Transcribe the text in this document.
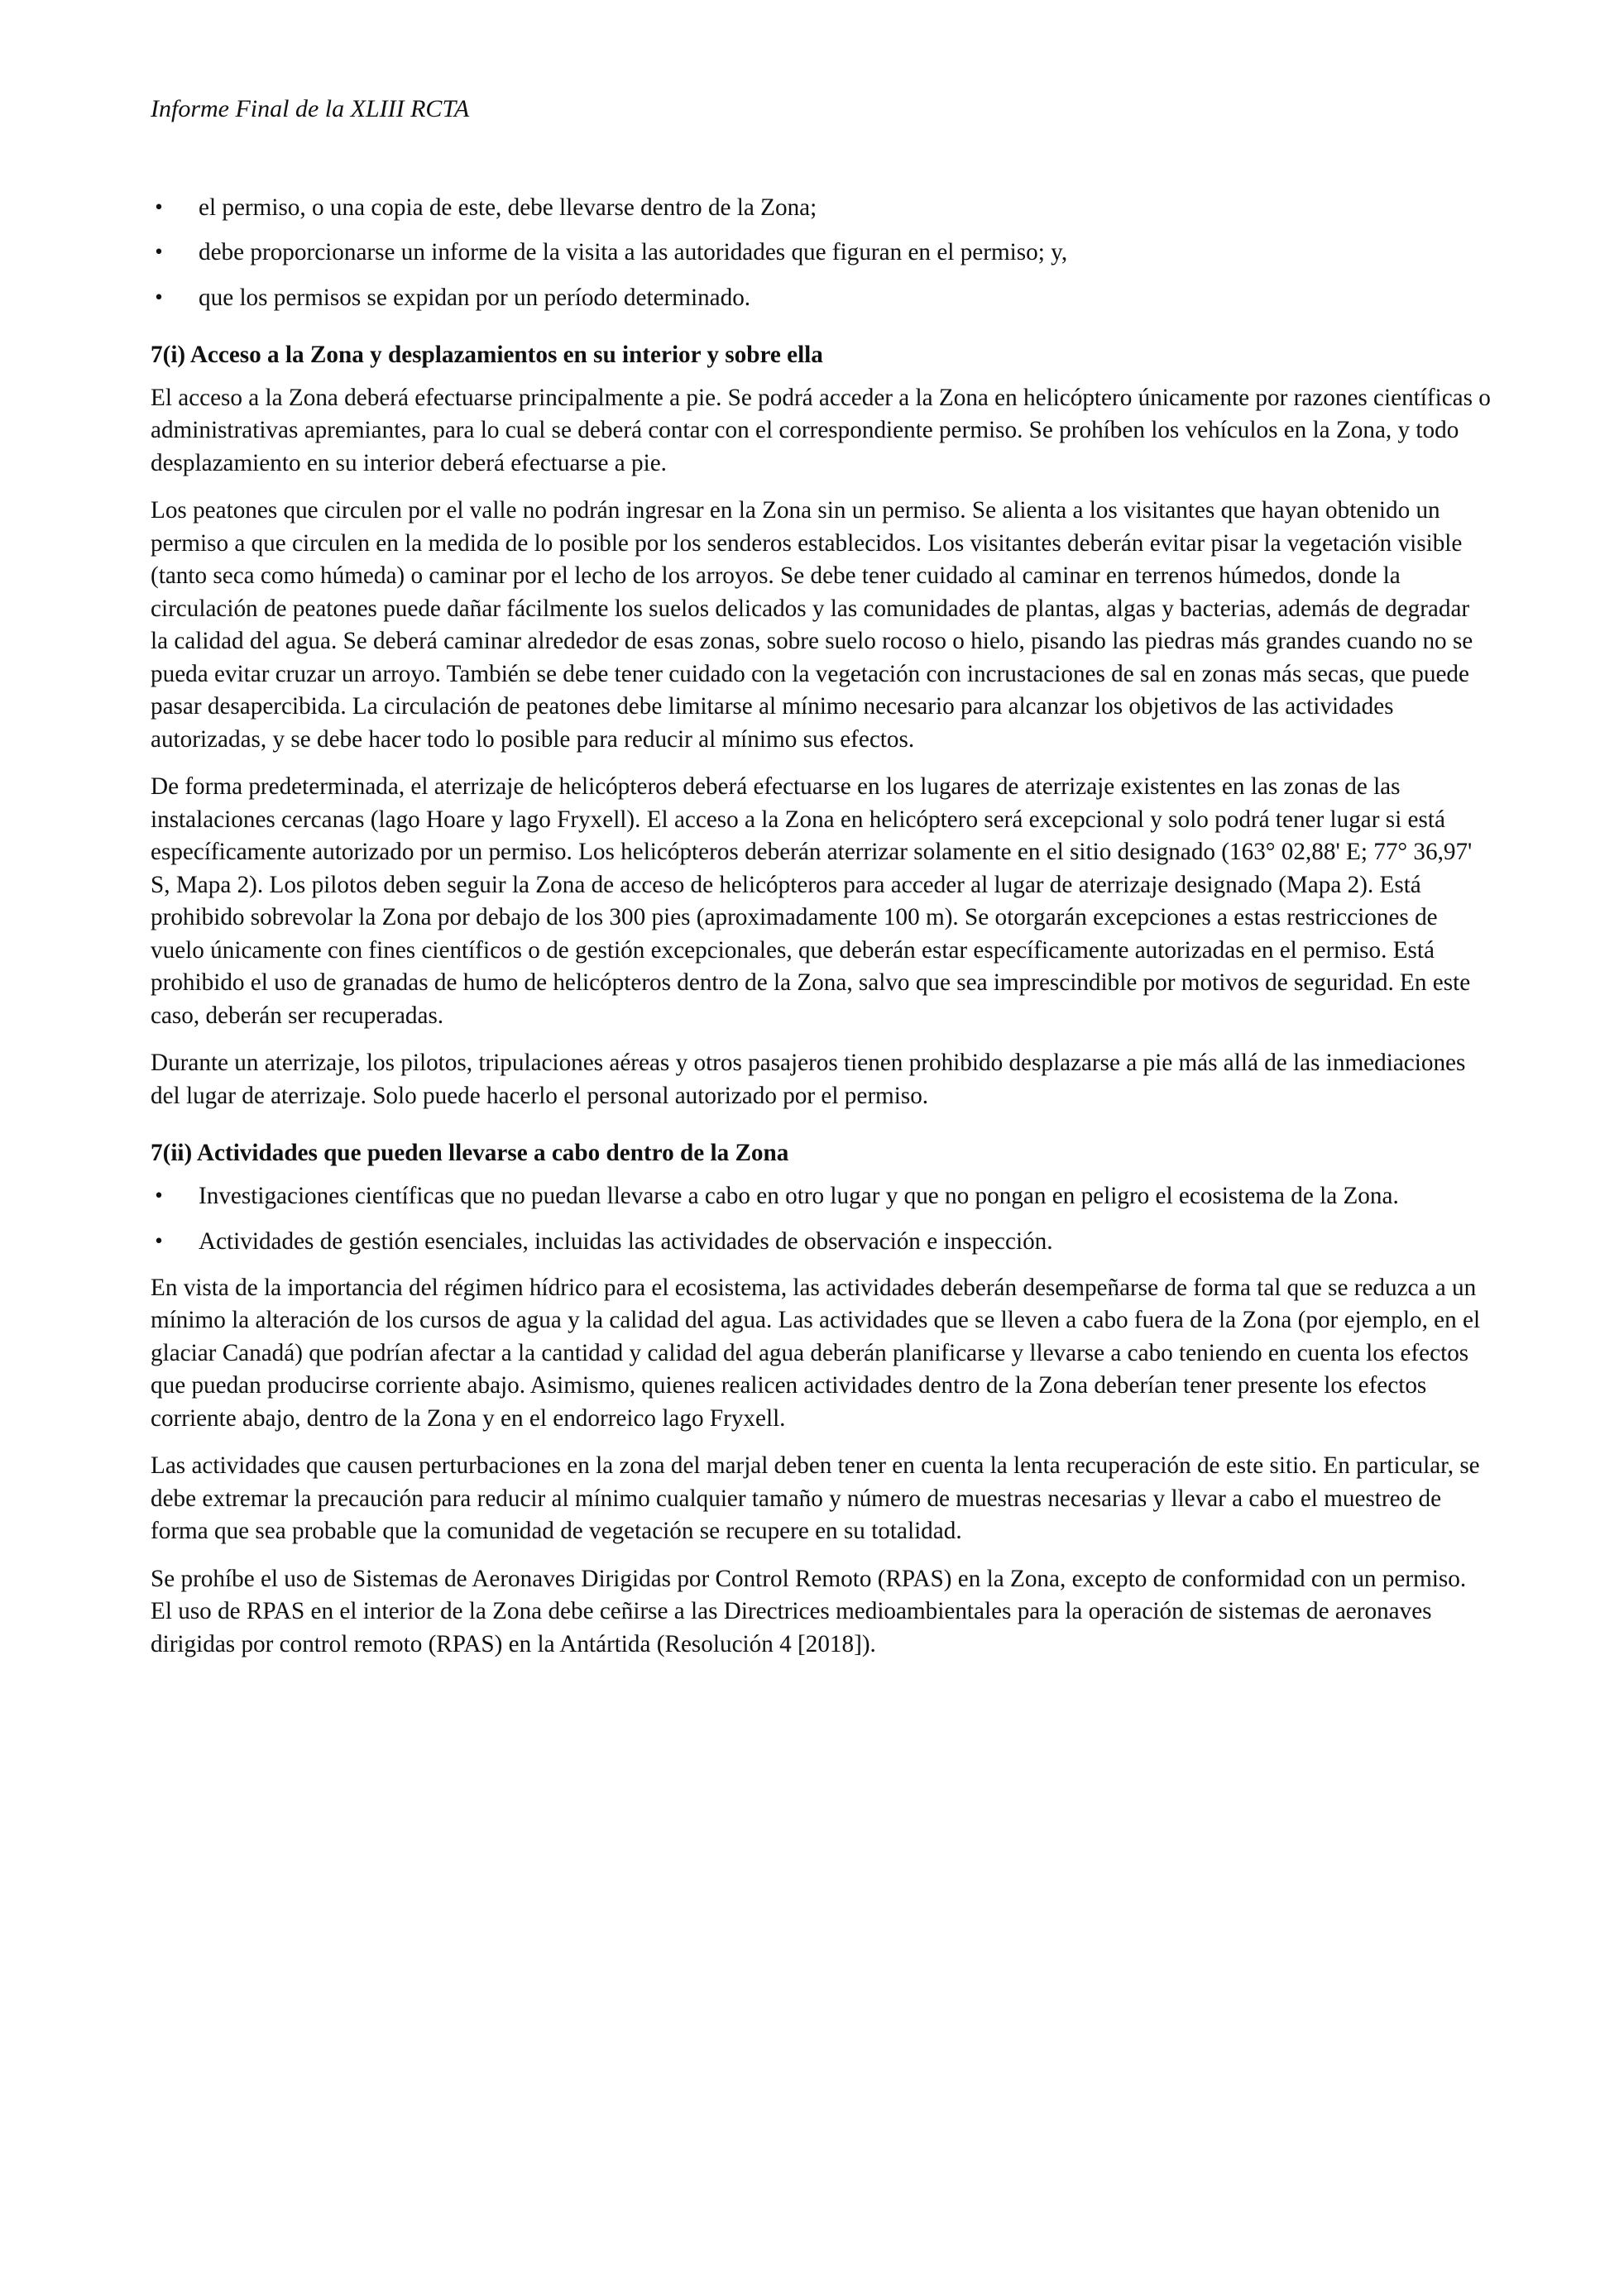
Informe Final de la XLIII RCTA
• el permiso, o una copia de este, debe llevarse dentro de la Zona;
• debe proporcionarse un informe de la visita a las autoridades que figuran en el permiso; y,
• que los permisos se expidan por un período determinado.
7(i) Acceso a la Zona y desplazamientos en su interior y sobre ella

El acceso a la Zona deberá efectuarse principalmente a pie. Se podrá acceder a la Zona en helicóptero únicamente por razones científicas o administrativas apremiantes, para lo cual se deberá contar con el correspondiente permiso. Se prohíben los vehículos en la Zona, y todo desplazamiento en su interior deberá efectuarse a pie.

Los peatones que circulen por el valle no podrán ingresar en la Zona sin un permiso. Se alienta a los visitantes que hayan obtenido un permiso a que circulen en la medida de lo posible por los senderos establecidos. Los visitantes deberán evitar pisar la vegetación visible (tanto seca como húmeda) o caminar por el lecho de los arroyos. Se debe tener cuidado al caminar en terrenos húmedos, donde la circulación de peatones puede dañar fácilmente los suelos delicados y las comunidades de plantas, algas y bacterias, además de degradar la calidad del agua. Se deberá caminar alrededor de esas zonas, sobre suelo rocoso o hielo, pisando las piedras más grandes cuando no se pueda evitar cruzar un arroyo. También se debe tener cuidado con la vegetación con incrustaciones de sal en zonas más secas, que puede pasar desapercibida. La circulación de peatones debe limitarse al mínimo necesario para alcanzar los objetivos de las actividades autorizadas, y se debe hacer todo lo posible para reducir al mínimo sus efectos.

De forma predeterminada, el aterrizaje de helicópteros deberá efectuarse en los lugares de aterrizaje existentes en las zonas de las instalaciones cercanas (lago Hoare y lago Fryxell). El acceso a la Zona en helicóptero será excepcional y solo podrá tener lugar si está específicamente autorizado por un permiso. Los helicópteros deberán aterrizar solamente en el sitio designado (163° 02,88' E; 77° 36,97' S, Mapa 2). Los pilotos deben seguir la Zona de acceso de helicópteros para acceder al lugar de aterrizaje designado (Mapa 2). Está prohibido sobrevolar la Zona por debajo de los 300 pies (aproximadamente 100 m). Se otorgarán excepciones a estas restricciones de vuelo únicamente con fines científicos o de gestión excepcionales, que deberán estar específicamente autorizadas en el permiso. Está prohibido el uso de granadas de humo de helicópteros dentro de la Zona, salvo que sea imprescindible por motivos de seguridad. En este caso, deberán ser recuperadas.

Durante un aterrizaje, los pilotos, tripulaciones aéreas y otros pasajeros tienen prohibido desplazarse a pie más allá de las inmediaciones del lugar de aterrizaje. Solo puede hacerlo el personal autorizado por el permiso.

7(ii) Actividades que pueden llevarse a cabo dentro de la Zona
• Investigaciones científicas que no puedan llevarse a cabo en otro lugar y que no pongan en peligro el ecosistema de la Zona.
• Actividades de gestión esenciales, incluidas las actividades de observación e inspección.

En vista de la importancia del régimen hídrico para el ecosistema, las actividades deberán desempeñarse de forma tal que se reduzca a un mínimo la alteración de los cursos de agua y la calidad del agua. Las actividades que se lleven a cabo fuera de la Zona (por ejemplo, en el glaciar Canadá) que podrían afectar a la cantidad y calidad del agua deberán planificarse y llevarse a cabo teniendo en cuenta los efectos que puedan producirse corriente abajo. Asimismo, quienes realicen actividades dentro de la Zona deberían tener presente los efectos corriente abajo, dentro de la Zona y en el endorreico lago Fryxell.

Las actividades que causen perturbaciones en la zona del marjal deben tener en cuenta la lenta recuperación de este sitio. En particular, se debe extremar la precaución para reducir al mínimo cualquier tamaño y número de muestras necesarias y llevar a cabo el muestreo de forma que sea probable que la comunidad de vegetación se recupere en su totalidad.

Se prohíbe el uso de Sistemas de Aeronaves Dirigidas por Control Remoto (RPAS) en la Zona, excepto de conformidad con un permiso. El uso de RPAS en el interior de la Zona debe ceñirse a las Directrices medioambientales para la operación de sistemas de aeronaves dirigidas por control remoto (RPAS) en la Antártida (Resolución 4 [2018]).
